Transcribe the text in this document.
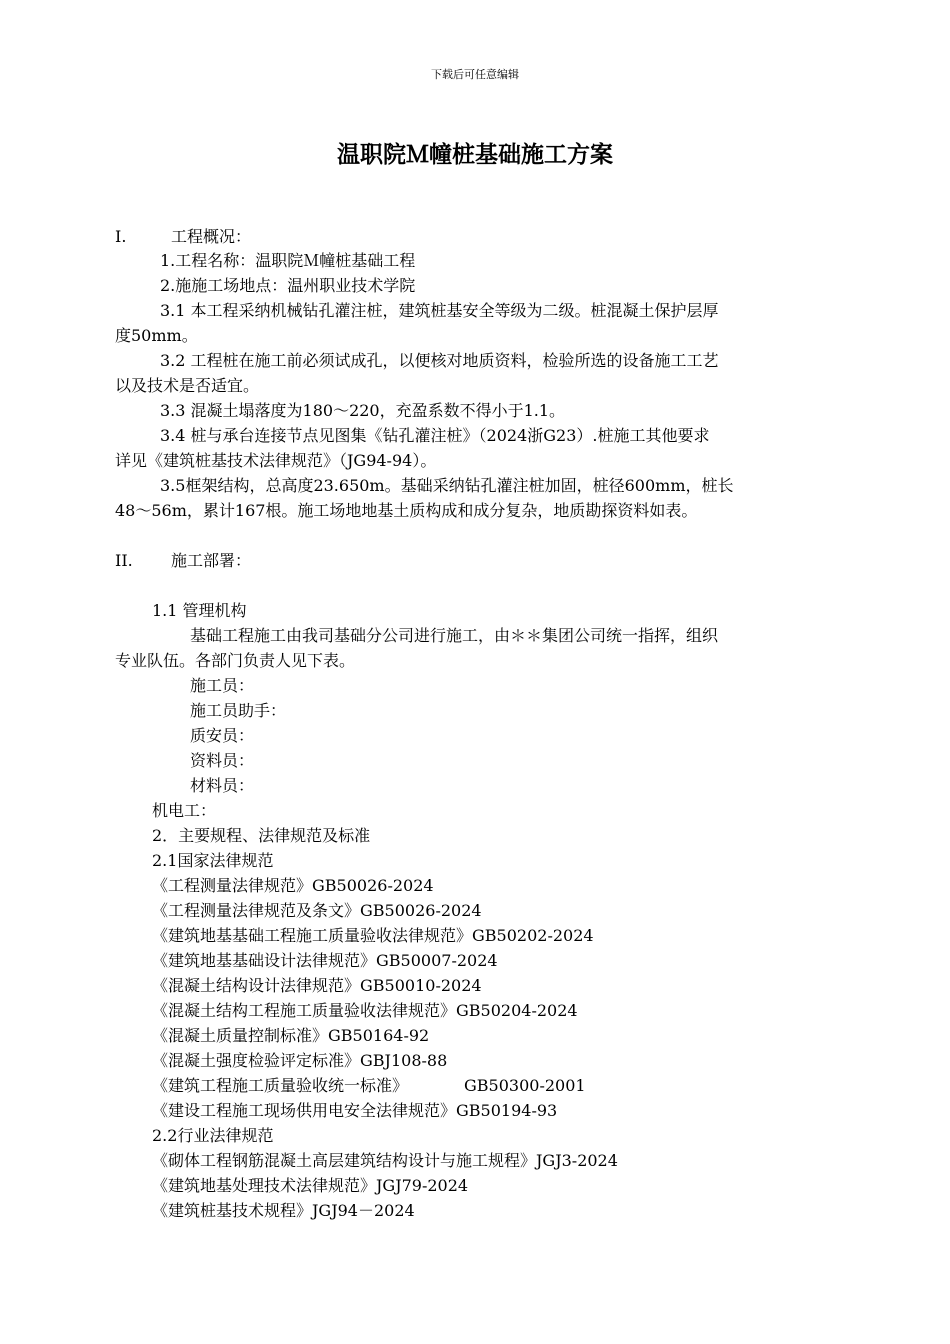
下载后可任意编辑
温职院Ｍ幢桩基础施工方案
I.	工程概况：
1.工程名称：温职院Ｍ幢桩基础工程
2.施施工场地点：温州职业技术学院
3.1 本工程采纳机械钻孔灌注桩，建筑桩基安全等级为二级。桩混凝土保护层厚
度50mm。
3.2 工程桩在施工前必须试成孔，以便核对地质资料，检验所选的设备施工工艺
以及技术是否适宜。
3.3 混凝土塌落度为180～220，充盈系数不得小于1.1。
3.4 桩与承台连接节点见图集《钻孔灌注桩》（2024浙G23）.桩施工其他要求
详见《建筑桩基技术法律规范》（JG94-94）。
3.5框架结构，总高度23.650m。基础采纳钻孔灌注桩加固，桩径600mm，桩长
48～56m，累计167根。施工场地地基土质构成和成分复杂，地质勘探资料如表。
II. 施工部署：
1.1 管理机构
基础工程施工由我司基础分公司进行施工，由＊＊集团公司统一指挥，组织
专业队伍。各部门负责人见下表。
施工员：
施工员助手：
质安员：
资料员：
材料员：
机电工：
2．主要规程、法律规范及标准
2.1国家法律规范
《工程测量法律规范》GB50026-2024
《工程测量法律规范及条文》GB50026-2024
《建筑地基基础工程施工质量验收法律规范》GB50202-2024
《建筑地基基础设计法律规范》GB50007-2024
《混凝土结构设计法律规范》GB50010-2024
《混凝土结构工程施工质量验收法律规范》GB50204-2024
《混凝土质量控制标准》GB50164-92
《混凝土强度检验评定标准》GBJ108-88
《建筑工程施工质量验收统一标准》	GB50300-2001
《建设工程施工现场供用电安全法律规范》GB50194-93
2.2行业法律规范
《砌体工程钢筋混凝土高层建筑结构设计与施工规程》JGJ3-2024
《建筑地基处理技术法律规范》JGJ79-2024
《建筑桩基技术规程》JGJ94－2024
